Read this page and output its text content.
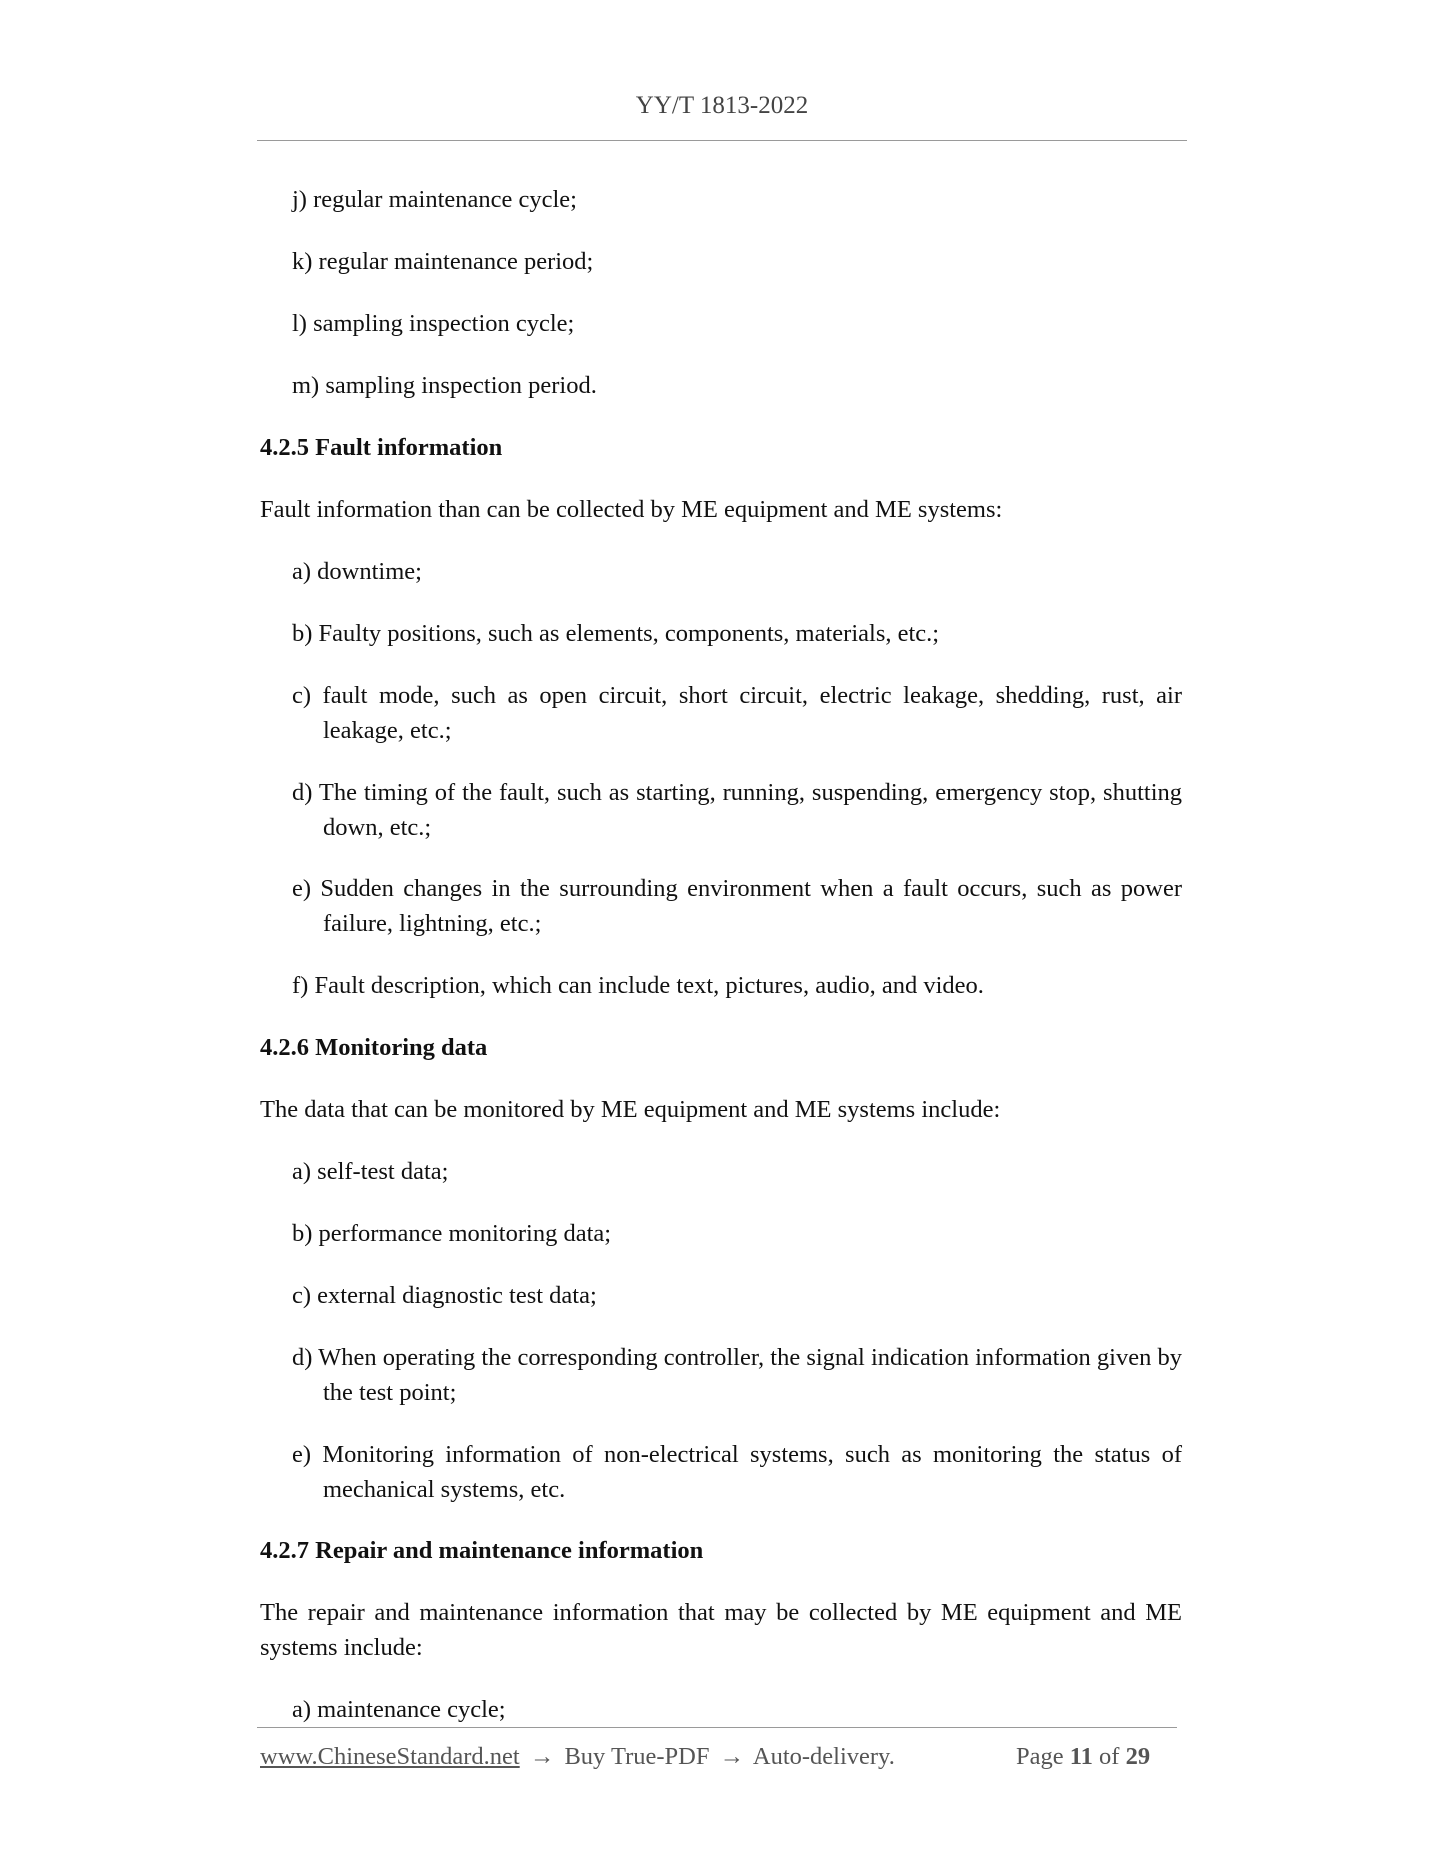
YY/T 1813-2022
j) regular maintenance cycle;
k) regular maintenance period;
l) sampling inspection cycle;
m) sampling inspection period.
4.2.5 Fault information
Fault information than can be collected by ME equipment and ME systems:
a) downtime;
b) Faulty positions, such as elements, components, materials, etc.;
c) fault mode, such as open circuit, short circuit, electric leakage, shedding, rust, air leakage, etc.;
d) The timing of the fault, such as starting, running, suspending, emergency stop, shutting down, etc.;
e) Sudden changes in the surrounding environment when a fault occurs, such as power failure, lightning, etc.;
f) Fault description, which can include text, pictures, audio, and video.
4.2.6 Monitoring data
The data that can be monitored by ME equipment and ME systems include:
a) self-test data;
b) performance monitoring data;
c) external diagnostic test data;
d) When operating the corresponding controller, the signal indication information given by the test point;
e) Monitoring information of non-electrical systems, such as monitoring the status of mechanical systems, etc.
4.2.7 Repair and maintenance information
The repair and maintenance information that may be collected by ME equipment and ME systems include:
a) maintenance cycle;
www.ChineseStandard.net → Buy True-PDF → Auto-delivery.	Page 11 of 29
